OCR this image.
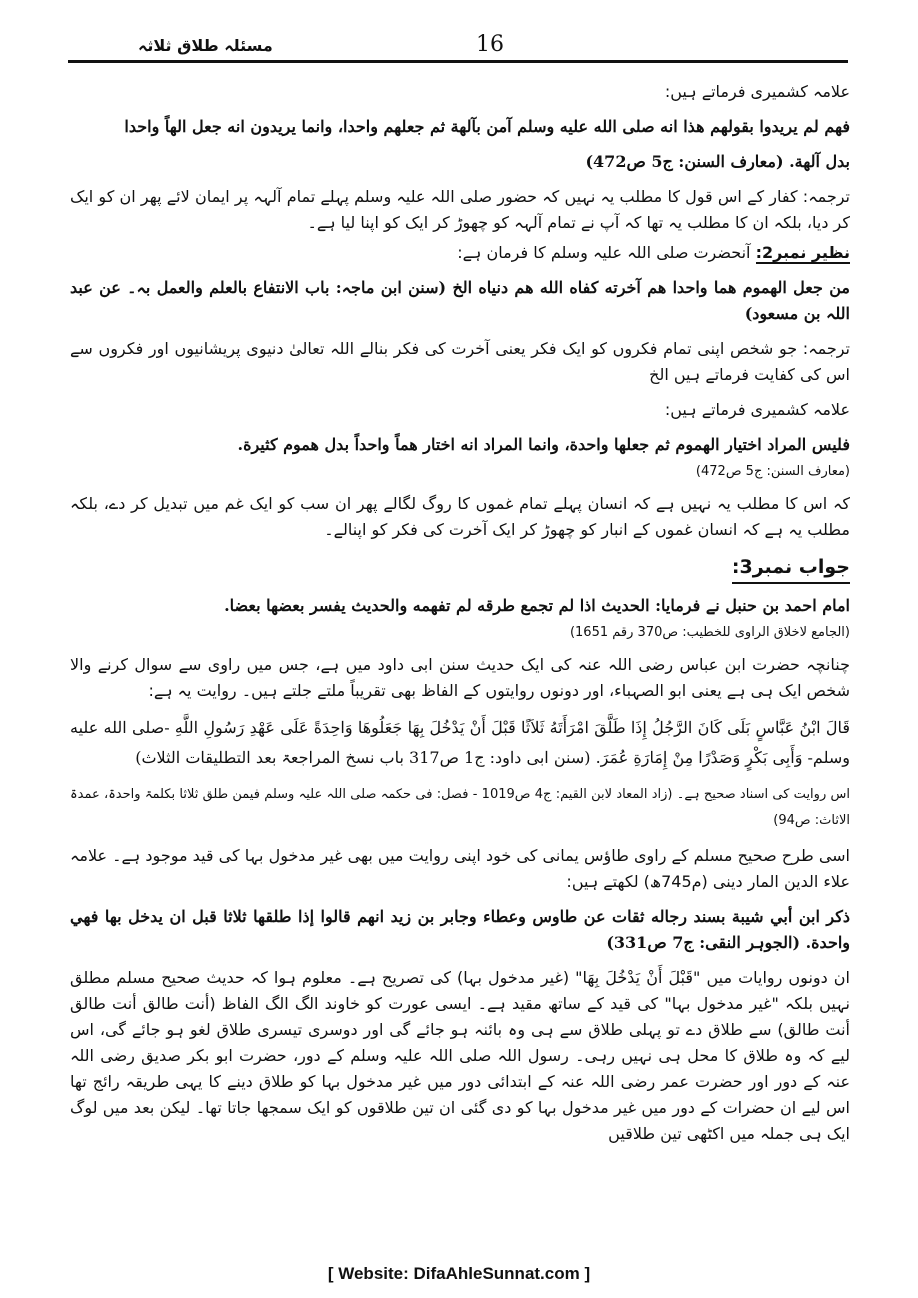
مسئلہ طلاق ثلاثہ	16
علامہ کشمیری فرماتے ہیں:
فهم لم يريدوا بقولهم هذا انه صلى الله عليه وسلم آمن بآلهة ثم جعلهم واحدا، وانما يريدون انه جعل الهاً واحدا
بدل آلهة. (معارف السنن: ج5 ص472)
ترجمہ: کفار کے اس قول کا مطلب یہ نہیں کہ حضور صلی اللہ علیہ وسلم پہلے تمام آلہہ پر ایمان لائے پھر ان کو ایک کر دیا، بلکہ ان کا مطلب یہ تھا کہ آپ نے تمام آلہہ کو چھوڑ کر ایک کو اپنا لیا ہے۔
نظیر نمبر2: آنحضرت صلی اللہ علیہ وسلم کا فرمان ہے:
من جعل الهموم هما واحدا هم آخرته كفاه الله هم دنياه الخ (سنن ابن ماجہ: باب الانتفاع بالعلم والعمل بہ۔ عن عبد اللہ بن مسعود)
ترجمہ: جو شخص اپنی تمام فکروں کو ایک فکر یعنی آخرت کی فکر بنالے اللہ تعالیٰ دنیوی پریشانیوں اور فکروں سے اس کی کفایت فرماتے ہیں الخ
علامہ کشمیری فرماتے ہیں:
فليس المراد اختيار الهموم ثم جعلها واحدة، وانما المراد انه اختار هماً واحداً بدل هموم كثيرة.
(معارف السنن: ج5 ص472)
کہ اس کا مطلب یہ نہیں ہے کہ انسان پہلے تمام غموں کا روگ لگالے پھر ان سب کو ایک غم میں تبدیل کر دے، بلکہ مطلب یہ ہے کہ انسان غموں کے انبار کو چھوڑ کر ایک آخرت کی فکر کو اپنالے۔
جواب نمبر3:
امام احمد بن حنبل نے فرمایا: الحديث اذا لم تجمع طرقه لم تفهمه والحديث يفسر بعضها بعضا.
(الجامع لاخلاق الراوی للخطیب: ص370 رقم 1651)
چنانچہ حضرت ابن عباس رضی اللہ عنہ کی ایک حدیث سنن ابی داود میں ہے، جس میں راوی سے سوال کرنے والا شخص ایک ہی ہے یعنی ابو الصہباء، اور دونوں روایتوں کے الفاظ بھی تقریباً ملتے جلتے ہیں۔ روایت یہ ہے:
قَالَ ابْنُ عَبَّاسٍ بَلَى كَانَ الرَّجُلُ إِذَا طَلَّقَ امْرَأَتَهُ ثَلاَثًا قَبْلَ أَنْ يَدْخُلَ بِهَا جَعَلُوهَا وَاحِدَةً عَلَى عَهْدِ رَسُولِ اللَّهِ -صلى الله عليه وسلم- وَأَبِى بَكْرٍ وَصَدْرًا مِنْ إِمَارَةِ عُمَرَ. (سنن ابی داود: ج1 ص317 باب نسخ المراجعۃ بعد التطلیقات الثلاث)
اس روایت کی اسناد صحیح ہے۔ (زاد المعاد لابن القیم: ج4 ص1019 - فصل: فی حکمہ صلی اللہ علیہ وسلم فیمن طلق ثلاثا بکلمۃ واحدۃ، عمدۃ الاثاث: ص94)
اسی طرح صحیح مسلم کے راوی طاؤس یمانی کی خود اپنی روایت میں بھی غیر مدخول بہا کی قید موجود ہے۔ علامہ علاء الدین المار دینی (م745ھ) لکھتے ہیں:
ذكر ابن أبي شيبة بسند رجاله ثقات عن طاوس وعطاء وجابر بن زيد انهم قالوا إذا طلقها ثلاثا قبل ان يدخل بها فهي واحدة. (الجوہر النقی: ج7 ص331)
ان دونوں روایات میں "قَبْلَ أَنْ يَدْخُلَ بِهَا" (غیر مدخول بہا) کی تصریح ہے۔ معلوم ہوا کہ حدیث صحیح مسلم مطلق نہیں بلکہ "غیر مدخول بہا" کی قید کے ساتھ مقید ہے۔ ایسی عورت کو خاوند الگ الگ الفاظ (أنت طالق أنت طالق أنت طالق) سے طلاق دے تو پہلی طلاق سے ہی وہ بائنہ ہو جائے گی اور دوسری تیسری طلاق لغو ہو جائے گی، اس لیے کہ وہ طلاق کا محل ہی نہیں رہی۔ رسول اللہ صلی اللہ علیہ وسلم کے دور، حضرت ابو بکر صدیق رضی اللہ عنہ کے دور اور حضرت عمر رضی اللہ عنہ کے ابتدائی دور میں غیر مدخول بہا کو طلاق دینے کا یہی طریقہ رائج تھا اس لیے ان حضرات کے دور میں غیر مدخول بہا کو دی گئی ان تین طلاقوں کو ایک سمجھا جاتا تھا۔ لیکن بعد میں لوگ ایک ہی جملہ میں اکٹھی تین طلاقیں
[ Website: DifaAhleSunnat.com ]
